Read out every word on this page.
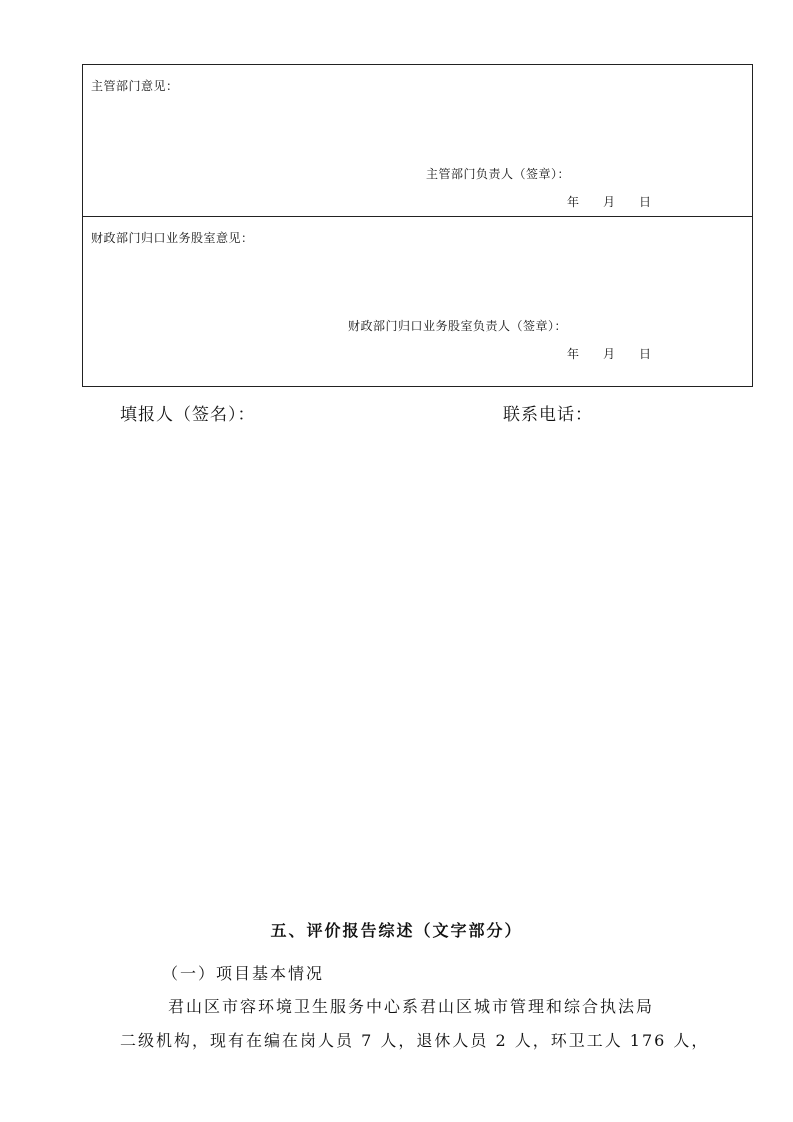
主管部门意见：
主管部门负责人（签章）：
年 月 日
财政部门归口业务股室意见：
财政部门归口业务股室负责人（签章）：
年 月 日
填报人（签名）：	联系电话：
五、评价报告综述（文字部分）
（一）项目基本情况
君山区市容环境卫生服务中心系君山区城市管理和综合执法局
二级机构，现有在编在岗人员 7 人，退休人员 2 人，环卫工人 176 人，
